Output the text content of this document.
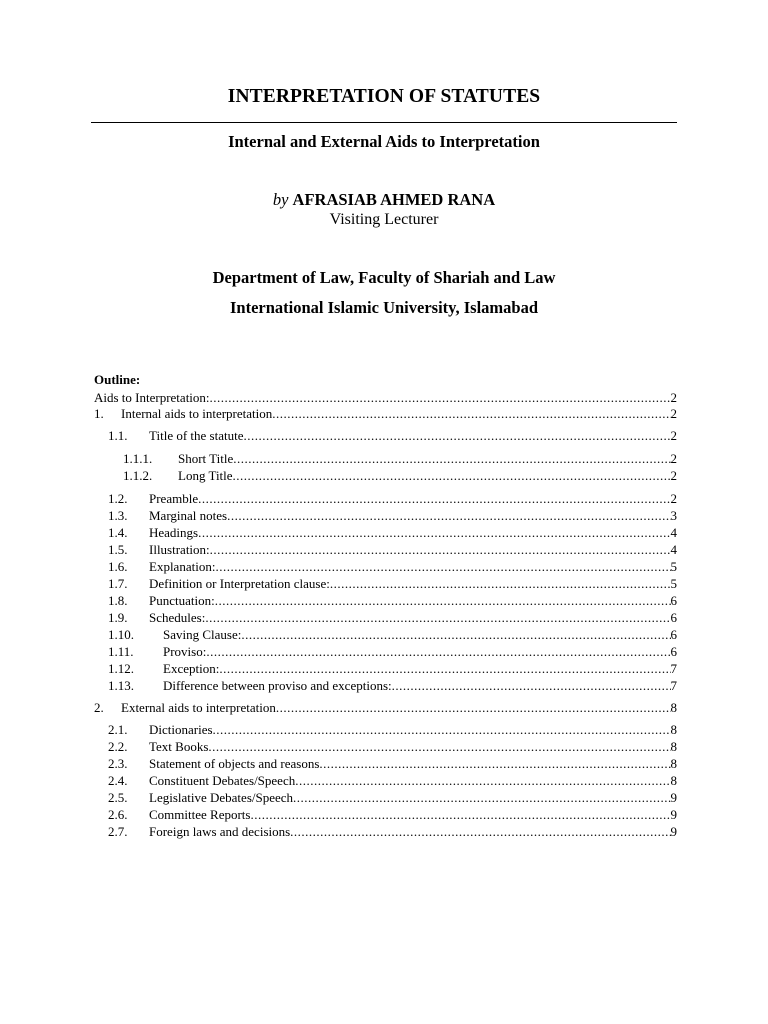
INTERPRETATION OF STATUTES
Internal and External Aids to Interpretation
by AFRASIAB AHMED RANA
Visiting Lecturer
Department of Law, Faculty of Shariah and Law
International Islamic University, Islamabad
Outline:
Aids to Interpretation: .....	2
1.	Internal aids to interpretation .....	2
1.1.	Title of the statute .....	2
1.1.1.	Short Title .....	2
1.1.2.	Long Title .....	2
1.2.	Preamble .....	2
1.3.	Marginal notes .....	3
1.4.	Headings .....	4
1.5.	Illustration: .....	4
1.6.	Explanation: .....	5
1.7.	Definition or Interpretation clause: .....	5
1.8.	Punctuation: .....	6
1.9.	Schedules: .....	6
1.10.	Saving Clause: .....	6
1.11.	Proviso: .....	6
1.12.	Exception: .....	7
1.13.	Difference between proviso and exceptions: .....	7
2.	External aids to interpretation .....	8
2.1.	Dictionaries .....	8
2.2.	Text Books .....	8
2.3.	Statement of objects and reasons .....	8
2.4.	Constituent Debates/Speech .....	8
2.5.	Legislative Debates/Speech .....	9
2.6.	Committee Reports .....	9
2.7.	Foreign laws and decisions .....	9
